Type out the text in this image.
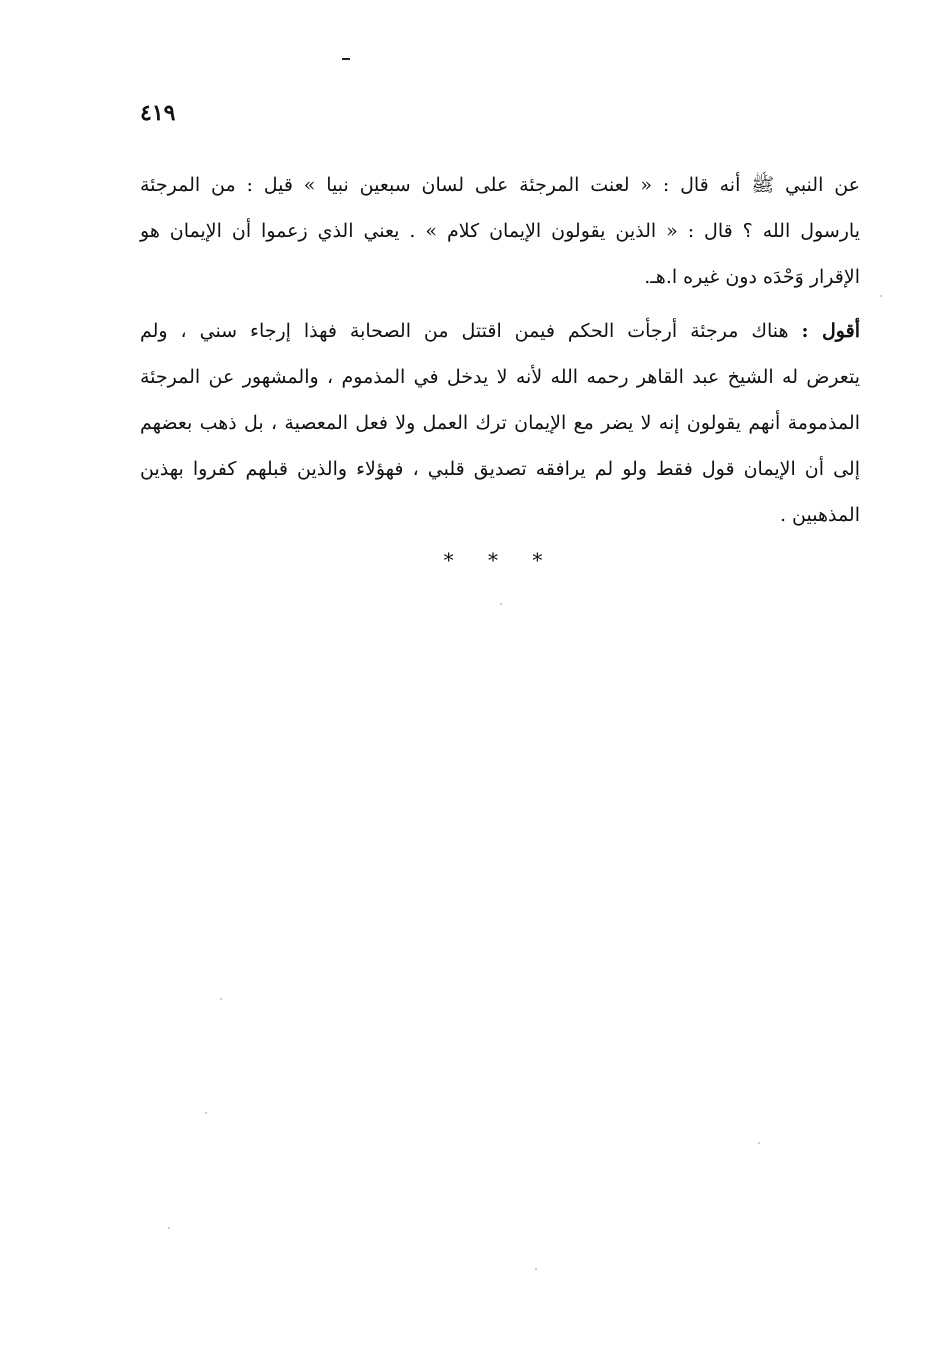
٤١٩
عن النبي ﷺ أنه قال : « لعنت المرجئة على لسان سبعين نبيا » قيل : من المرجئة
يارسول الله ؟ قال : « الذين يقولون الإيمان كلام » . يعني الذي زعموا أن الإيمان هو
الإقرار وَحْدَه دون غيره ا.هـ.
أقول : هناك مرجئة أرجأت الحكم فيمن اقتتل من الصحابة فهذا إرجاء سني ، ولم
يتعرض له الشيخ عبد القاهر رحمه الله لأنه لا يدخل في المذموم ، والمشهور عن المرجئة
المذمومة أنهم يقولون إنه لا يضر مع الإيمان ترك العمل ولا فعل المعصية ، بل ذهب بعضهم
إلى أن الإيمان قول فقط ولو لم يرافقه تصديق قلبي ، فهؤلاء والذين قبلهم كفروا بهذين
المذهبين .
* * *
